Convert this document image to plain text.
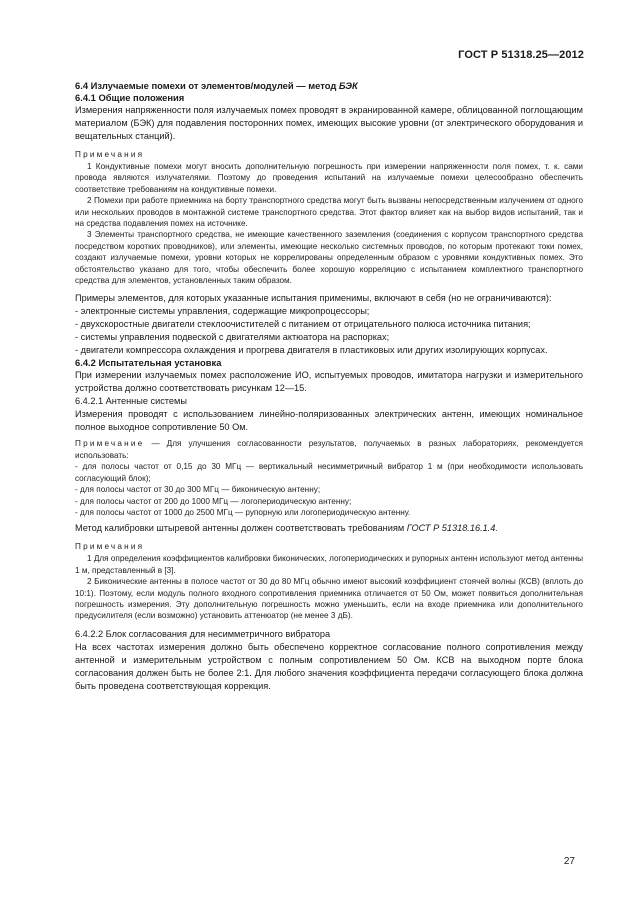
ГОСТ Р 51318.25—2012
6.4 Излучаемые помехи от элементов/модулей — метод БЭК
6.4.1 Общие положения
Измерения напряженности поля излучаемых помех проводят в экранированной камере, облицованной поглощающим материалом (БЭК) для подавления посторонних помех, имеющих высокие уровни (от электрического оборудования и вещательных станций).
Примечания
1 Кондуктивные помехи могут вносить дополнительную погрешность при измерении напряженности поля помех, т. к. сами провода являются излучателями. Поэтому до проведения испытаний на излучаемые помехи целесообразно обеспечить соответствие требованиям на кондуктивные помехи.
2 Помехи при работе приемника на борту транспортного средства могут быть вызваны непосредственным излучением от одного или нескольких проводов в монтажной системе транспортного средства. Этот фактор влияет как на выбор видов испытаний, так и на средства подавления помех на источнике.
3 Элементы транспортного средства, не имеющие качественного заземления (соединения с корпусом транспортного средства посредством коротких проводников), или элементы, имеющие несколько системных проводов, по которым протекают токи помех, создают излучаемые помехи, уровни которых не коррелированы определенным образом с уровнями кондуктивных помех. Это обстоятельство указано для того, чтобы обеспечить более хорошую корреляцию с испытанием комплектного транспортного средства для элементов, установленных таким образом.
Примеры элементов, для которых указанные испытания применимы, включают в себя (но не ограничиваются):
- электронные системы управления, содержащие микропроцессоры;
- двухскоростные двигатели стеклоочистителей с питанием от отрицательного полюса источника питания;
- системы управления подвеской с двигателями актюатора на распорках;
- двигатели компрессора охлаждения и прогрева двигателя в пластиковых или других изолирующих корпусах.
6.4.2 Испытательная установка
При измерении излучаемых помех расположение ИО, испытуемых проводов, имитатора нагрузки и измерительного устройства должно соответствовать рисункам 12—15.
6.4.2.1 Антенные системы
Измерения проводят с использованием линейно-поляризованных электрических антенн, имеющих номинальное полное выходное сопротивление 50 Ом.
Примечание — Для улучшения согласованности результатов, получаемых в разных лабораториях, рекомендуется использовать:
- для полосы частот от 0,15 до 30 МГц — вертикальный несимметричный вибратор 1 м (при необходимости использовать согласующий блок);
- для полосы частот от 30 до 300 МГц — биконическую антенну;
- для полосы частот от 200 до 1000 МГц — логопериодическую антенну;
- для полосы частот от 1000 до 2500 МГц — рупорную или логопериодическую антенну.
Метод калибровки штыревой антенны должен соответствовать требованиям ГОСТ Р 51318.16.1.4.
Примечания
1 Для определения коэффициентов калибровки биконических, логопериодических и рупорных антенн используют метод антенны 1 м, представленный в [3].
2 Биконические антенны в полосе частот от 30 до 80 МГц обычно имеют высокий коэффициент стоячей волны (КСВ) (вплоть до 10:1). Поэтому, если модуль полного входного сопротивления приемника отличается от 50 Ом, может появиться дополнительная погрешность измерения. Эту дополнительную погрешность можно уменьшить, если на входе приемника или дополнительного предусилителя (если возможно) установить аттенюатор (не менее 3 дБ).
6.4.2.2 Блок согласования для несимметричного вибратора
На всех частотах измерения должно быть обеспечено корректное согласование полного сопротивления между антенной и измерительным устройством с полным сопротивлением 50 Ом. КСВ на выходном порте блока согласования должен быть не более 2:1. Для любого значения коэффициента передачи согласующего блока должна быть проведена соответствующая коррекция.
27
